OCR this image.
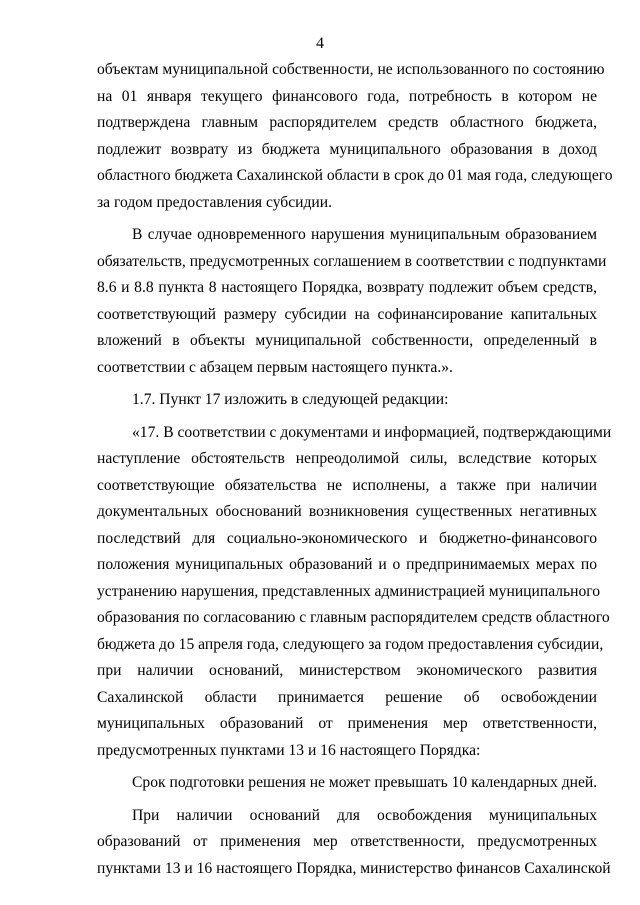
4
объектам муниципальной собственности, не использованного по состоянию
на 01 января текущего финансового года, потребность в котором не
подтверждена главным распорядителем средств областного бюджета,
подлежит возврату из бюджета муниципального образования в доход
областного бюджета Сахалинской области в срок до 01 мая года, следующего
за годом предоставления субсидии.
В случае одновременного нарушения муниципальным образованием
обязательств, предусмотренных соглашением в соответствии с подпунктами
8.6 и 8.8 пункта 8 настоящего Порядка, возврату подлежит объем средств,
соответствующий размеру субсидии на софинансирование капитальных
вложений в объекты муниципальной собственности, определенный в
соответствии с абзацем первым настоящего пункта.».
1.7. Пункт 17 изложить в следующей редакции:
«17. В соответствии с документами и информацией, подтверждающими
наступление обстоятельств непреодолимой силы, вследствие которых
соответствующие обязательства не исполнены, а также при наличии
документальных обоснований возникновения существенных негативных
последствий для социально-экономического и бюджетно-финансового
положения муниципальных образований и о предпринимаемых мерах по
устранению нарушения, представленных администрацией муниципального
образования по согласованию с главным распорядителем средств областного
бюджета до 15 апреля года, следующего за годом предоставления субсидии,
при наличии оснований, министерством экономического развития
Сахалинской области принимается решение об освобождении
муниципальных образований от применения мер ответственности,
предусмотренных пунктами 13 и 16 настоящего Порядка:
Срок подготовки решения не может превышать 10 календарных дней.
При наличии оснований для освобождения муниципальных
образований от применения мер ответственности, предусмотренных
пунктами 13 и 16 настоящего Порядка, министерство финансов Сахалинской
